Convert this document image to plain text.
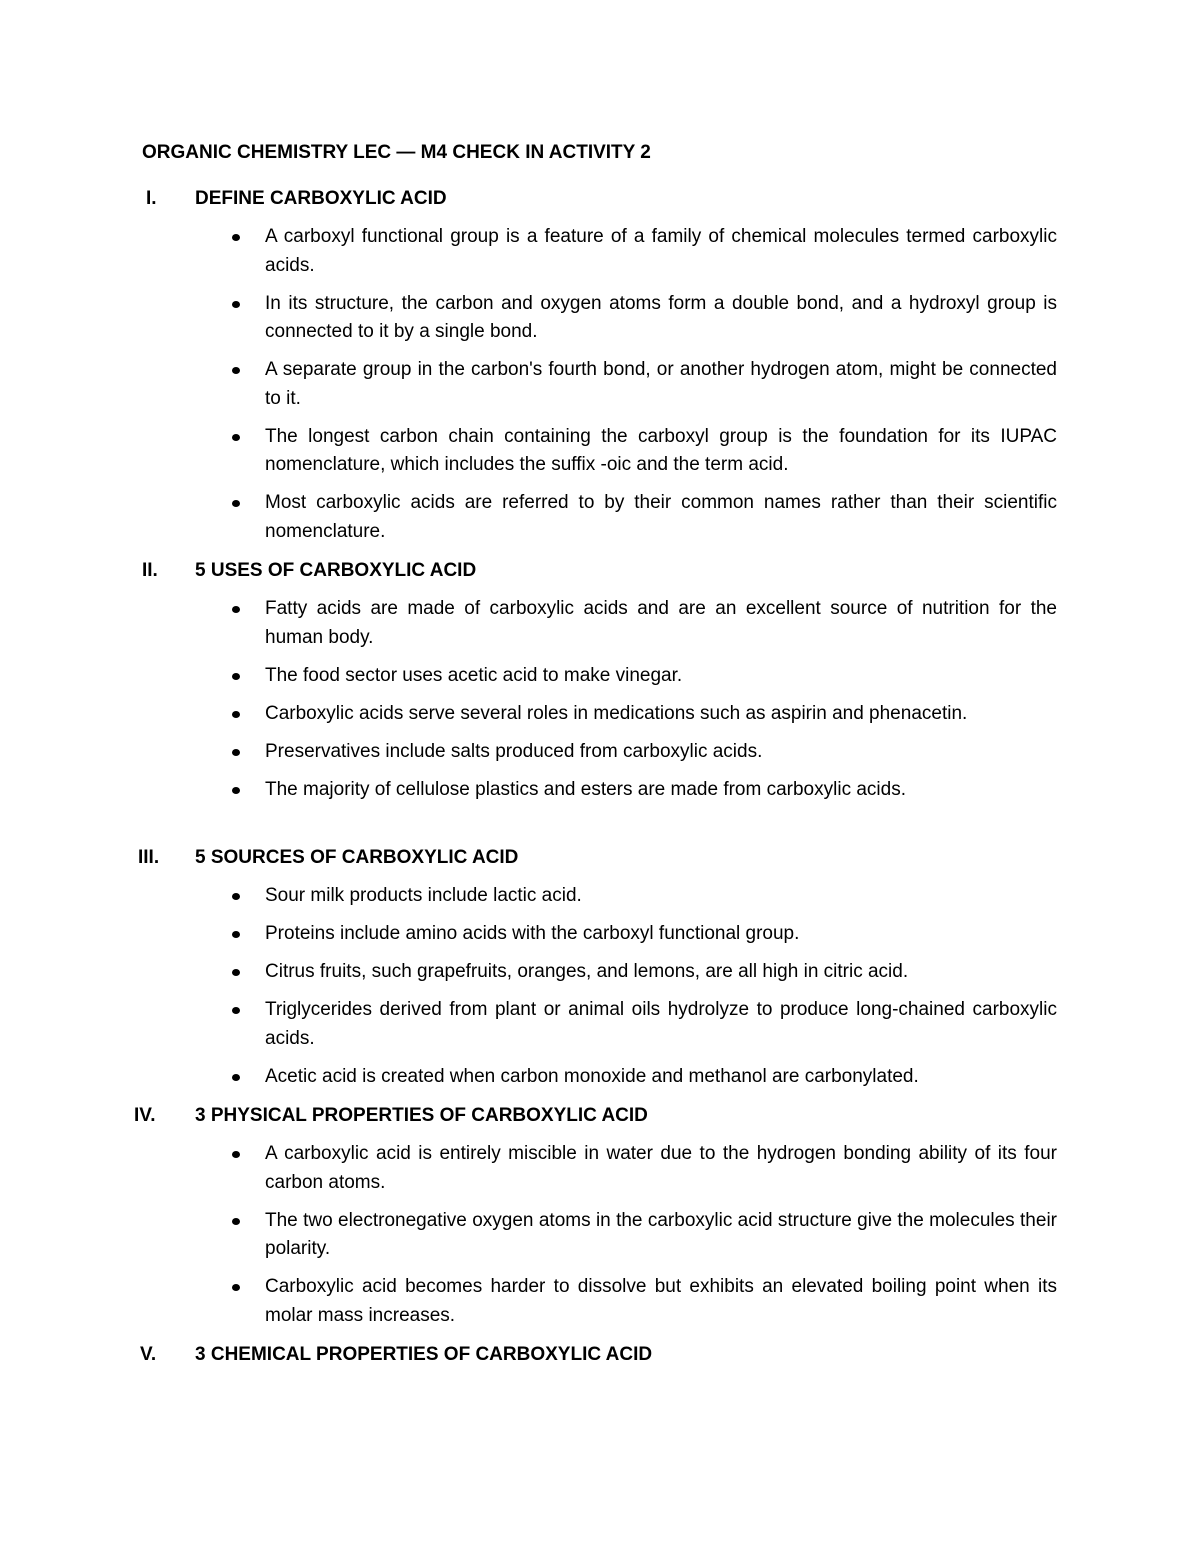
ORGANIC CHEMISTRY LEC — M4 CHECK IN ACTIVITY 2
I. DEFINE CARBOXYLIC ACID
A carboxyl functional group is a feature of a family of chemical molecules termed carboxylic acids.
In its structure, the carbon and oxygen atoms form a double bond, and a hydroxyl group is connected to it by a single bond.
A separate group in the carbon's fourth bond, or another hydrogen atom, might be connected to it.
The longest carbon chain containing the carboxyl group is the foundation for its IUPAC nomenclature, which includes the suffix -oic and the term acid.
Most carboxylic acids are referred to by their common names rather than their scientific nomenclature.
II. 5 USES OF CARBOXYLIC ACID
Fatty acids are made of carboxylic acids and are an excellent source of nutrition for the human body.
The food sector uses acetic acid to make vinegar.
Carboxylic acids serve several roles in medications such as aspirin and phenacetin.
Preservatives include salts produced from carboxylic acids.
The majority of cellulose plastics and esters are made from carboxylic acids.
III. 5 SOURCES OF CARBOXYLIC ACID
Sour milk products include lactic acid.
Proteins include amino acids with the carboxyl functional group.
Citrus fruits, such grapefruits, oranges, and lemons, are all high in citric acid.
Triglycerides derived from plant or animal oils hydrolyze to produce long-chained carboxylic acids.
Acetic acid is created when carbon monoxide and methanol are carbonylated.
IV. 3 PHYSICAL PROPERTIES OF CARBOXYLIC ACID
A carboxylic acid is entirely miscible in water due to the hydrogen bonding ability of its four carbon atoms.
The two electronegative oxygen atoms in the carboxylic acid structure give the molecules their polarity.
Carboxylic acid becomes harder to dissolve but exhibits an elevated boiling point when its molar mass increases.
V. 3 CHEMICAL PROPERTIES OF CARBOXYLIC ACID
